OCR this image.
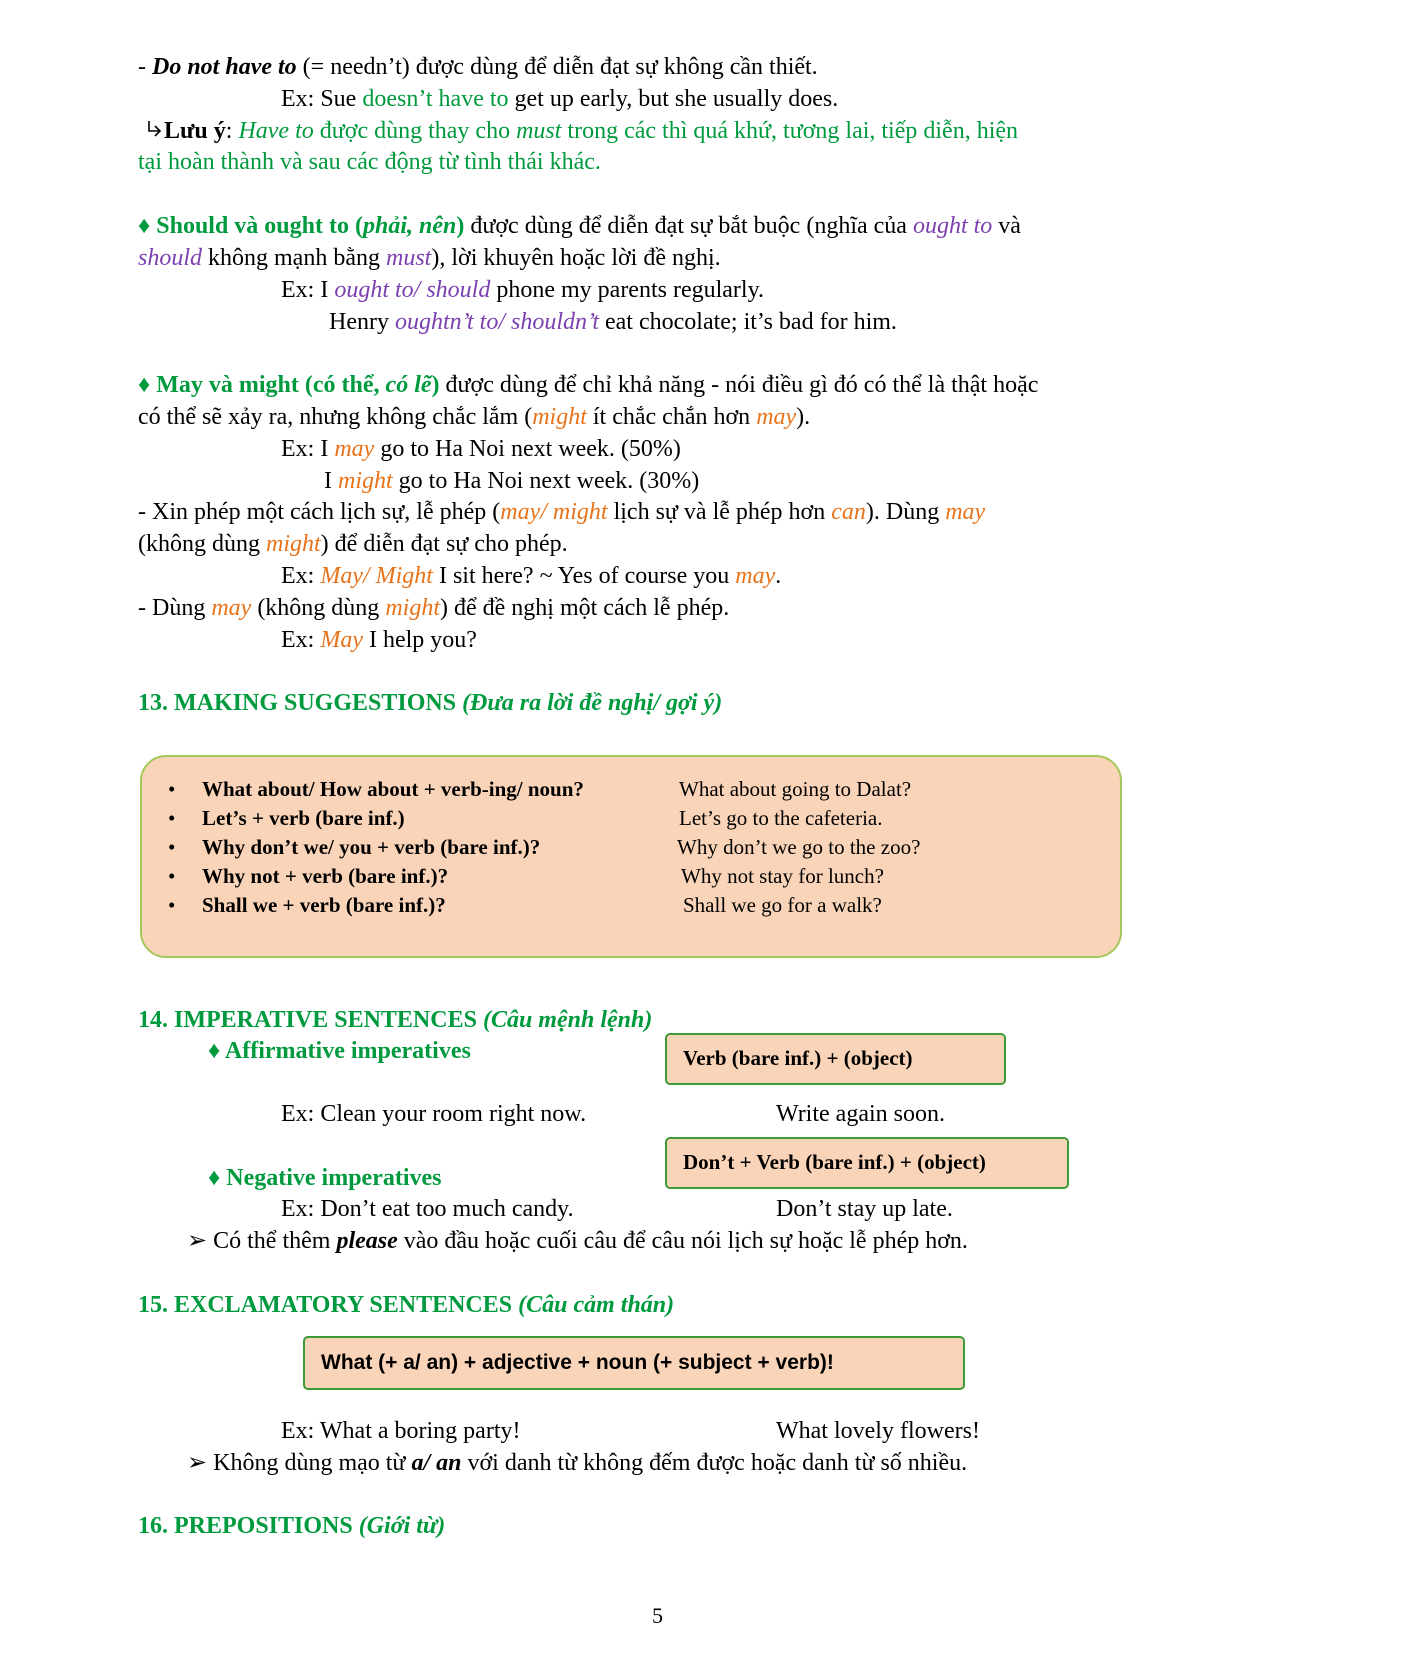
- Do not have to (= needn’t) được dùng để diễn đạt sự không cần thiết.
Ex: Sue doesn’t have to get up early, but she usually does.
Lưu ý: Have to được dùng thay cho must trong các thì quá khứ, tương lai, tiếp diễn, hiện
tại hoàn thành và sau các động từ tình thái khác.
♦ Should và ought to (phải, nên) được dùng để diễn đạt sự bắt buộc (nghĩa của ought to và
should không mạnh bằng must), lời khuyên hoặc lời đề nghị.
Ex: I ought to/ should phone my parents regularly.
Henry oughtn’t to/ shouldn’t eat chocolate; it’s bad for him.
♦ May và might (có thể, có lẽ) được dùng để chỉ khả năng - nói điều gì đó có thể là thật hoặc
có thể sẽ xảy ra, nhưng không chắc lắm (might ít chắc chắn hơn may).
Ex: I may go to Ha Noi next week. (50%)
I might go to Ha Noi next week. (30%)
- Xin phép một cách lịch sự, lễ phép (may/ might lịch sự và lễ phép hơn can). Dùng may
(không dùng might) để diễn đạt sự cho phép.
Ex: May/ Might I sit here? ~ Yes of course you may.
- Dùng may (không dùng might) để đề nghị một cách lễ phép.
Ex: May I help you?
13. MAKING SUGGESTIONS (Đưa ra lời đề nghị/ gợi ý)
• What about/ How about + verb-ing/ noun?	What about going to Dalat?
• Let’s + verb (bare inf.)	Let’s go to the cafeteria.
• Why don’t we/ you + verb (bare inf.)?	Why don’t we go to the zoo?
• Why not + verb (bare inf.)?	Why not stay for lunch?
• Shall we + verb (bare inf.)?	Shall we go for a walk?
14. IMPERATIVE SENTENCES (Câu mệnh lệnh)
♦ Affirmative imperatives	Verb (bare inf.) + (object)
Ex: Clean your room right now.	Write again soon.
Don’t + Verb (bare inf.) + (object)
♦ Negative imperatives
Ex: Don’t eat too much candy.	Don’t stay up late.
➢ Có thể thêm please vào đầu hoặc cuối câu để câu nói lịch sự hoặc lễ phép hơn.
15. EXCLAMATORY SENTENCES (Câu cảm thán)
What (+ a/ an) + adjective + noun (+ subject + verb)!
Ex: What a boring party!	What lovely flowers!
➢ Không dùng mạo từ a/ an với danh từ không đếm được hoặc danh từ số nhiều.
16. PREPOSITIONS (Giới từ)
5
